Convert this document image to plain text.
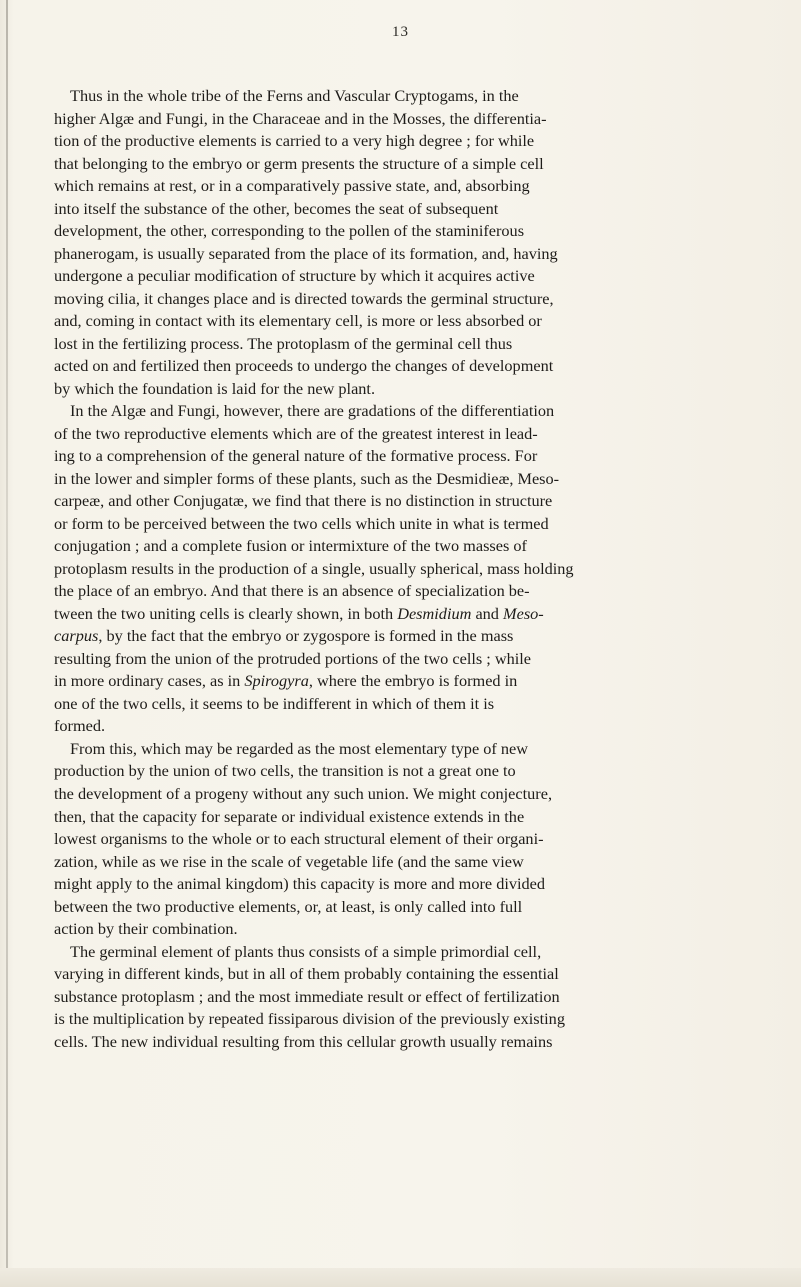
13
Thus in the whole tribe of the Ferns and Vascular Cryptogams, in the
higher Algæ and Fungi, in the Characeae and in the Mosses, the differentia-
tion of the productive elements is carried to a very high degree ; for while
that belonging to the embryo or germ presents the structure of a simple cell
which remains at rest, or in a comparatively passive state, and, absorbing
into itself the substance of the other, becomes the seat of subsequent
development, the other, corresponding to the pollen of the staminiferous
phanerogam, is usually separated from the place of its formation, and, having
undergone a peculiar modification of structure by which it acquires active
moving cilia, it changes place and is directed towards the germinal structure,
and, coming in contact with its elementary cell, is more or less absorbed or
lost in the fertilizing process. The protoplasm of the germinal cell thus
acted on and fertilized then proceeds to undergo the changes of development
by which the foundation is laid for the new plant.
In the Algæ and Fungi, however, there are gradations of the differentiation
of the two reproductive elements which are of the greatest interest in lead-
ing to a comprehension of the general nature of the formative process. For
in the lower and simpler forms of these plants, such as the Desmidieæ, Meso-
carpeæ, and other Conjugatæ, we find that there is no distinction in structure
or form to be perceived between the two cells which unite in what is termed
conjugation ; and a complete fusion or intermixture of the two masses of
protoplasm results in the production of a single, usually spherical, mass holding
the place of an embryo. And that there is an absence of specialization be-
tween the two uniting cells is clearly shown, in both Desmidium and Meso-
carpus, by the fact that the embryo or zygospore is formed in the mass
resulting from the union of the protruded portions of the two cells ; while
in more ordinary cases, as in Spirogyra, where the embryo is formed in
one of the two cells, it seems to be indifferent in which of them it is
formed.
From this, which may be regarded as the most elementary type of new
production by the union of two cells, the transition is not a great one to
the development of a progeny without any such union. We might conjecture,
then, that the capacity for separate or individual existence extends in the
lowest organisms to the whole or to each structural element of their organi-
zation, while as we rise in the scale of vegetable life (and the same view
might apply to the animal kingdom) this capacity is more and more divided
between the two productive elements, or, at least, is only called into full
action by their combination.
The germinal element of plants thus consists of a simple primordial cell,
varying in different kinds, but in all of them probably containing the essential
substance protoplasm ; and the most immediate result or effect of fertilization
is the multiplication by repeated fissiparous division of the previously existing
cells. The new individual resulting from this cellular growth usually remains
